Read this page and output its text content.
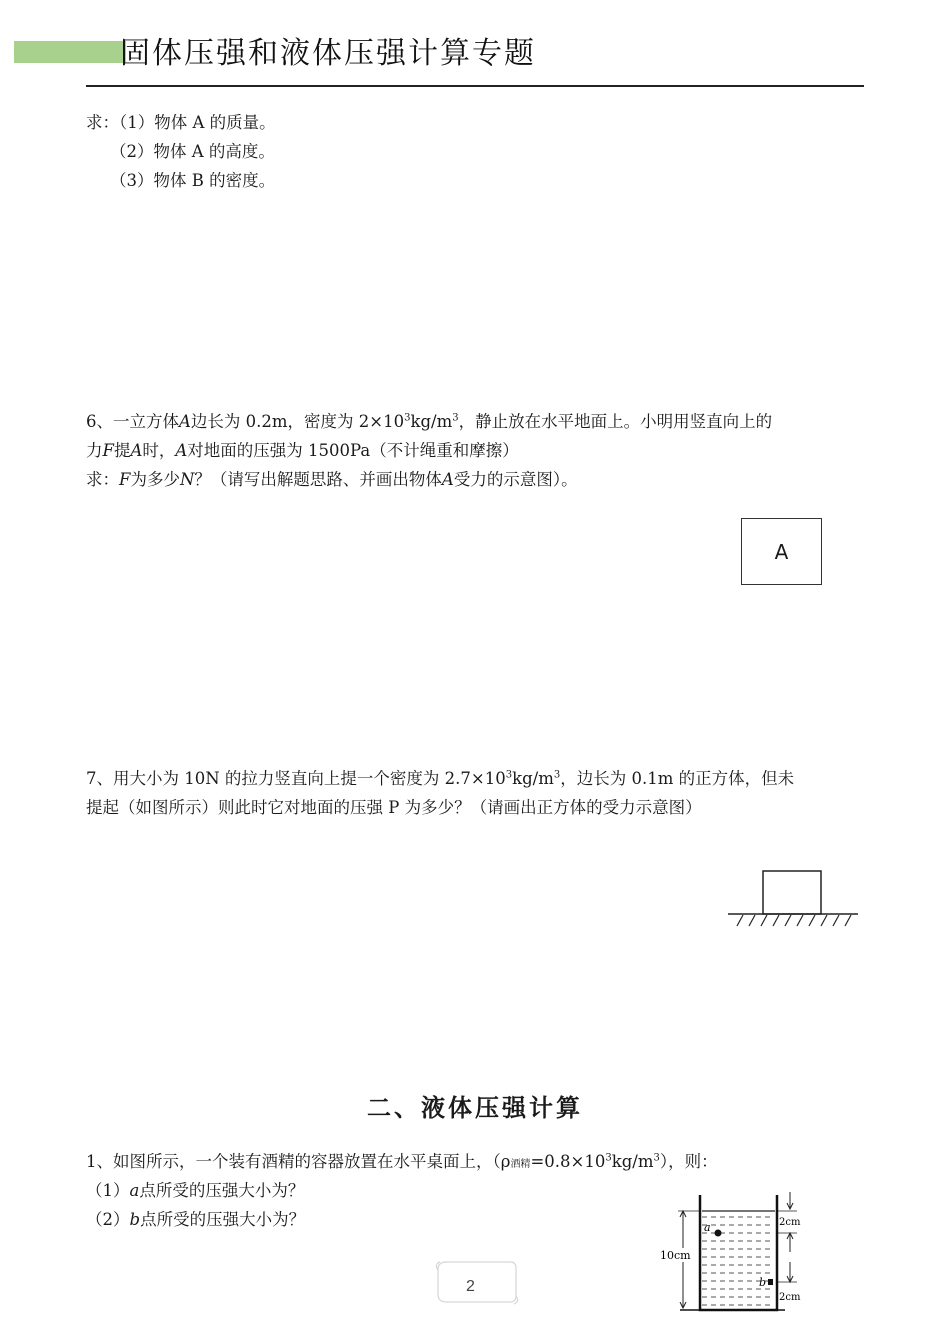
固体压强和液体压强计算专题
求：（1）物体 A 的质量。
（2）物体 A 的高度。
（3）物体 B 的密度。
6、一立方体A边长为 0.2m，密度为 $2\times 10^3kg/m^3$，静止放在水平地面上。小明用竖直向上的
力F提A时，A对地面的压强为 1500Pa（不计绳重和摩擦）
求：F为多少N？（请写出解题思路、并画出物体A受力的示意图）。
A
7、用大小为 10N 的拉力竖直向上提一个密度为 $2.7\times 10^3kg/m^3$，边长为 0.1m 的正方体，但未
提起（如图所示）则此时它对地面的压强 P 为多少？（请画出正方体的受力示意图）
二、液体压强计算
1、如图所示，一个装有酒精的容器放置在水平桌面上，（ρ酒精$=0.8\times 10^3kg/m^3$），则：
（1）a点所受的压强大小为？
（2）b点所受的压强大小为？	a
b
10cm
2cm
2cm
2
